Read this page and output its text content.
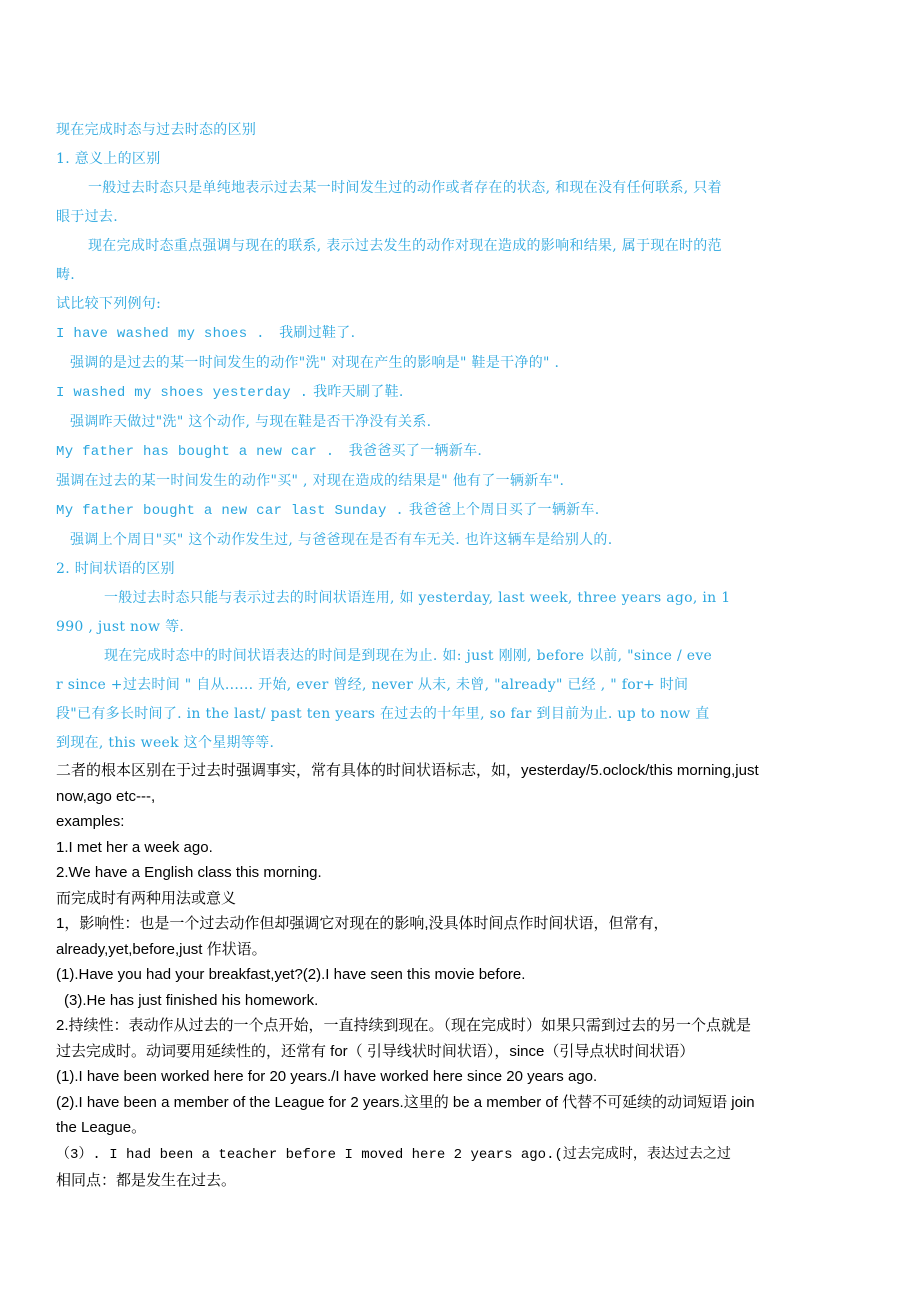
现在完成时态与过去时态的区别

1. 意义上的区别

一般过去时态只是单纯地表示过去某一时间发生过的动作或者存在的状态, 和现在没有任何联系, 只着

眼于过去.

现在完成时态重点强调与现在的联系, 表示过去发生的动作对现在造成的影响和结果, 属于现在时的范

畴.

试比较下列例句:

I have washed my shoes . 我刷过鞋了.

强调的是过去的某一时间发生的动作"洗" 对现在产生的影响是" 鞋是干净的" .

I washed my shoes yesterday . 我昨天刷了鞋.

强调昨天做过"洗" 这个动作, 与现在鞋是否干净没有关系.

My father has bought a new car . 我爸爸买了一辆新车.

强调在过去的某一时间发生的动作"买" , 对现在造成的结果是" 他有了一辆新车".

My father bought a new car last Sunday . 我爸爸上个周日买了一辆新车.

强调上个周日"买" 这个动作发生过, 与爸爸现在是否有车无关. 也许这辆车是给别人的.

2. 时间状语的区别

一般过去时态只能与表示过去的时间状语连用, 如 yesterday, last week, three years ago, in 1

990 , just now 等.

现在完成时态中的时间状语表达的时间是到现在为止. 如: just 刚刚, before 以前, "since / eve

r since +过去时间 " 自从...... 开始, ever 曾经, never 从未, 未曾, "already" 已经 , " for+ 时间

段"已有多长时间了. in the last/ past ten years 在过去的十年里, so far 到目前为止. up to now 直

到现在, this week 这个星期等等.

二者的根本区别在于过去时强调事实，常有具体的时间状语标志，如，yesterday/5.oclock/this morning,just

now,ago etc---,

examples:

1.I met her a week ago.

2.We have a English class this morning.

而完成时有两种用法或意义

1，影响性：也是一个过去动作但却强调它对现在的影响,没具体时间点作时间状语，但常有，

already,yet,before,just 作状语。

(1).Have you had your breakfast,yet?(2).I have seen this movie before.

(3).He has just finished his homework.

2.持续性：表动作从过去的一个点开始，一直持续到现在。（现在完成时）如果只需到过去的另一个点就是

过去完成时。动词要用延续性的，还常有 for（ 引导线状时间状语），since（引导点状时间状语）

(1).I have been worked here for 20 years./I have worked here since 20 years ago.

(2).I have been a member of the League for 2 years.这里的 be a member of 代替不可延续的动词短语 join

the League。

（3）. I had been a teacher before I moved here 2 years ago.(过去完成时，表达过去之过

相同点：都是发生在过去。
